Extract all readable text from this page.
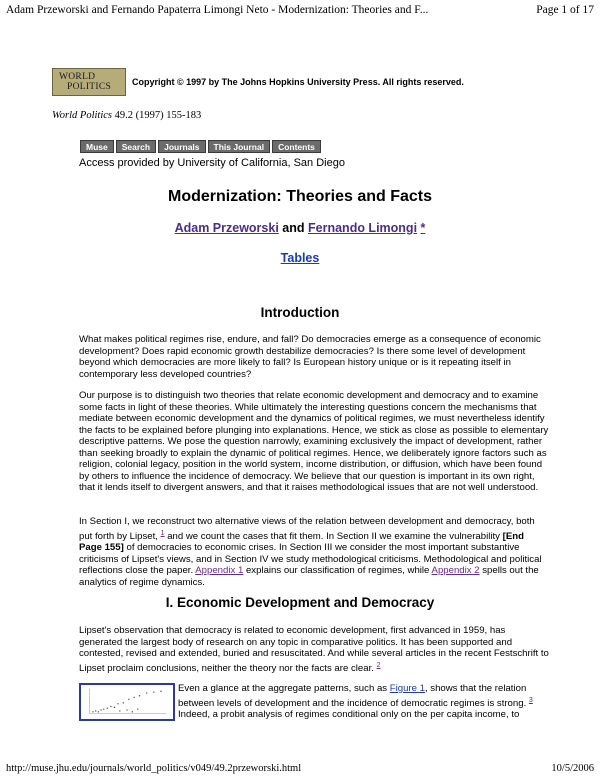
Adam Przeworski and Fernando Papaterra Limongi Neto - Modernization: Theories and F...	Page 1 of 17
WORLD
POLITICS	Copyright © 1997 by The Johns Hopkins University Press. All rights reserved.
World Politics 49.2 (1997) 155-183
Muse	Search	Journals	This Journal	Contents
Access provided by University of California, San Diego
Modernization: Theories and Facts
Adam Przeworski and Fernando Limongi *
Tables
Introduction

What makes political regimes rise, endure, and fall? Do democracies emerge as a consequence of economic development? Does rapid economic growth destabilize democracies? Is there some level of development beyond which democracies are more likely to fall? Is European history unique or is it repeating itself in contemporary less developed countries?

Our purpose is to distinguish two theories that relate economic development and democracy and to examine some facts in light of these theories. While ultimately the interesting questions concern the mechanisms that mediate between economic development and the dynamics of political regimes, we must nevertheless identify the facts to be explained before plunging into explanations. Hence, we stick as close as possible to elementary descriptive patterns. We pose the question narrowly, examining exclusively the impact of development, rather than seeking broadly to explain the dynamic of political regimes. Hence, we deliberately ignore factors such as religion, colonial legacy, position in the world system, income distribution, or diffusion, which have been found by others to influence the incidence of democracy. We believe that our question is important in its own right, that it lends itself to divergent answers, and that it raises methodological issues that are not well understood.

In Section I, we reconstruct two alternative views of the relation between development and democracy, both put forth by Lipset, $^1$ and we count the cases that fit them. In Section II we examine the vulnerability [End Page 155] of democracies to economic crises. In Section III we consider the most important substantive criticisms of Lipset's views, and in Section IV we study methodological criticisms. Methodological and political reflections close the paper. Appendix 1 explains our classification of regimes, while Appendix 2 spells out the analytics of regime dynamics.

I. Economic Development and Democracy

Lipset's observation that democracy is related to economic development, first advanced in 1959, has generated the largest body of research on any topic in comparative politics. It has been supported and contested, revised and extended, buried and resuscitated. And while several articles in the recent Festschrift to Lipset proclaim conclusions, neither the theory nor the facts are clear. $^2$

Even a glance at the aggregate patterns, such as Figure 1, shows that the relation between levels of development and the incidence of democratic regimes is strong. $^3$ Indeed, a probit analysis of regimes conditional only on the per capita income, to

http://muse.jhu.edu/journals/world_politics/v049/49.2przeworski.html	10/5/2006
